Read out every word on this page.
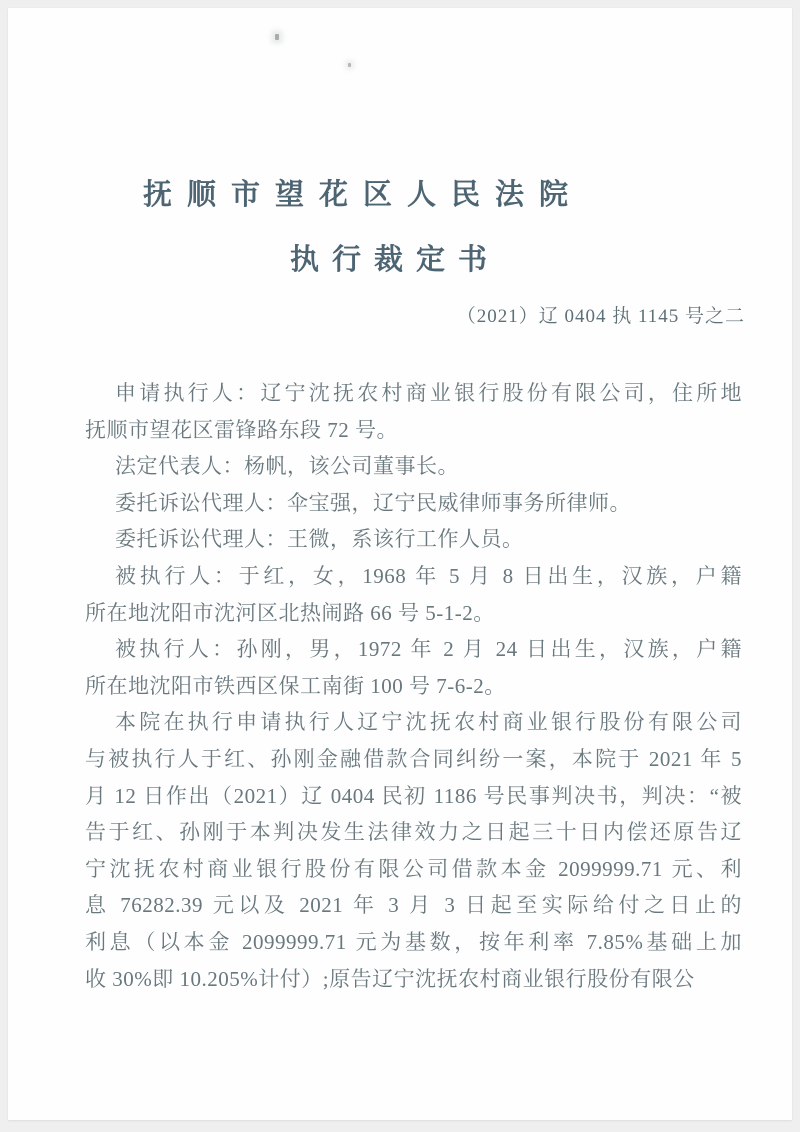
抚顺市望花区人民法院
执行裁定书
（2021）辽 0404 执 1145 号之二
申请执行人：辽宁沈抚农村商业银行股份有限公司，住所地
抚顺市望花区雷锋路东段 72 号。
法定代表人：杨帆，该公司董事长。
委托诉讼代理人：伞宝强，辽宁民威律师事务所律师。
委托诉讼代理人：王微，系该行工作人员。
被执行人：于红，女，1968 年 5 月 8 日出生，汉族，户籍
所在地沈阳市沈河区北热闹路 66 号 5-1-2。
被执行人：孙刚，男，1972 年 2 月 24 日出生，汉族，户籍
所在地沈阳市铁西区保工南街 100 号 7-6-2。
本院在执行申请执行人辽宁沈抚农村商业银行股份有限公司
与被执行人于红、孙刚金融借款合同纠纷一案，本院于 2021 年 5
月 12 日作出（2021）辽 0404 民初 1186 号民事判决书，判决：“被
告于红、孙刚于本判决发生法律效力之日起三十日内偿还原告辽
宁沈抚农村商业银行股份有限公司借款本金 2099999.71 元、利
息 76282.39 元以及 2021 年 3 月 3 日起至实际给付之日止的
利息（以本金 2099999.71 元为基数，按年利率 7.85%基础上加
收 30%即 10.205%计付）;原告辽宁沈抚农村商业银行股份有限公
